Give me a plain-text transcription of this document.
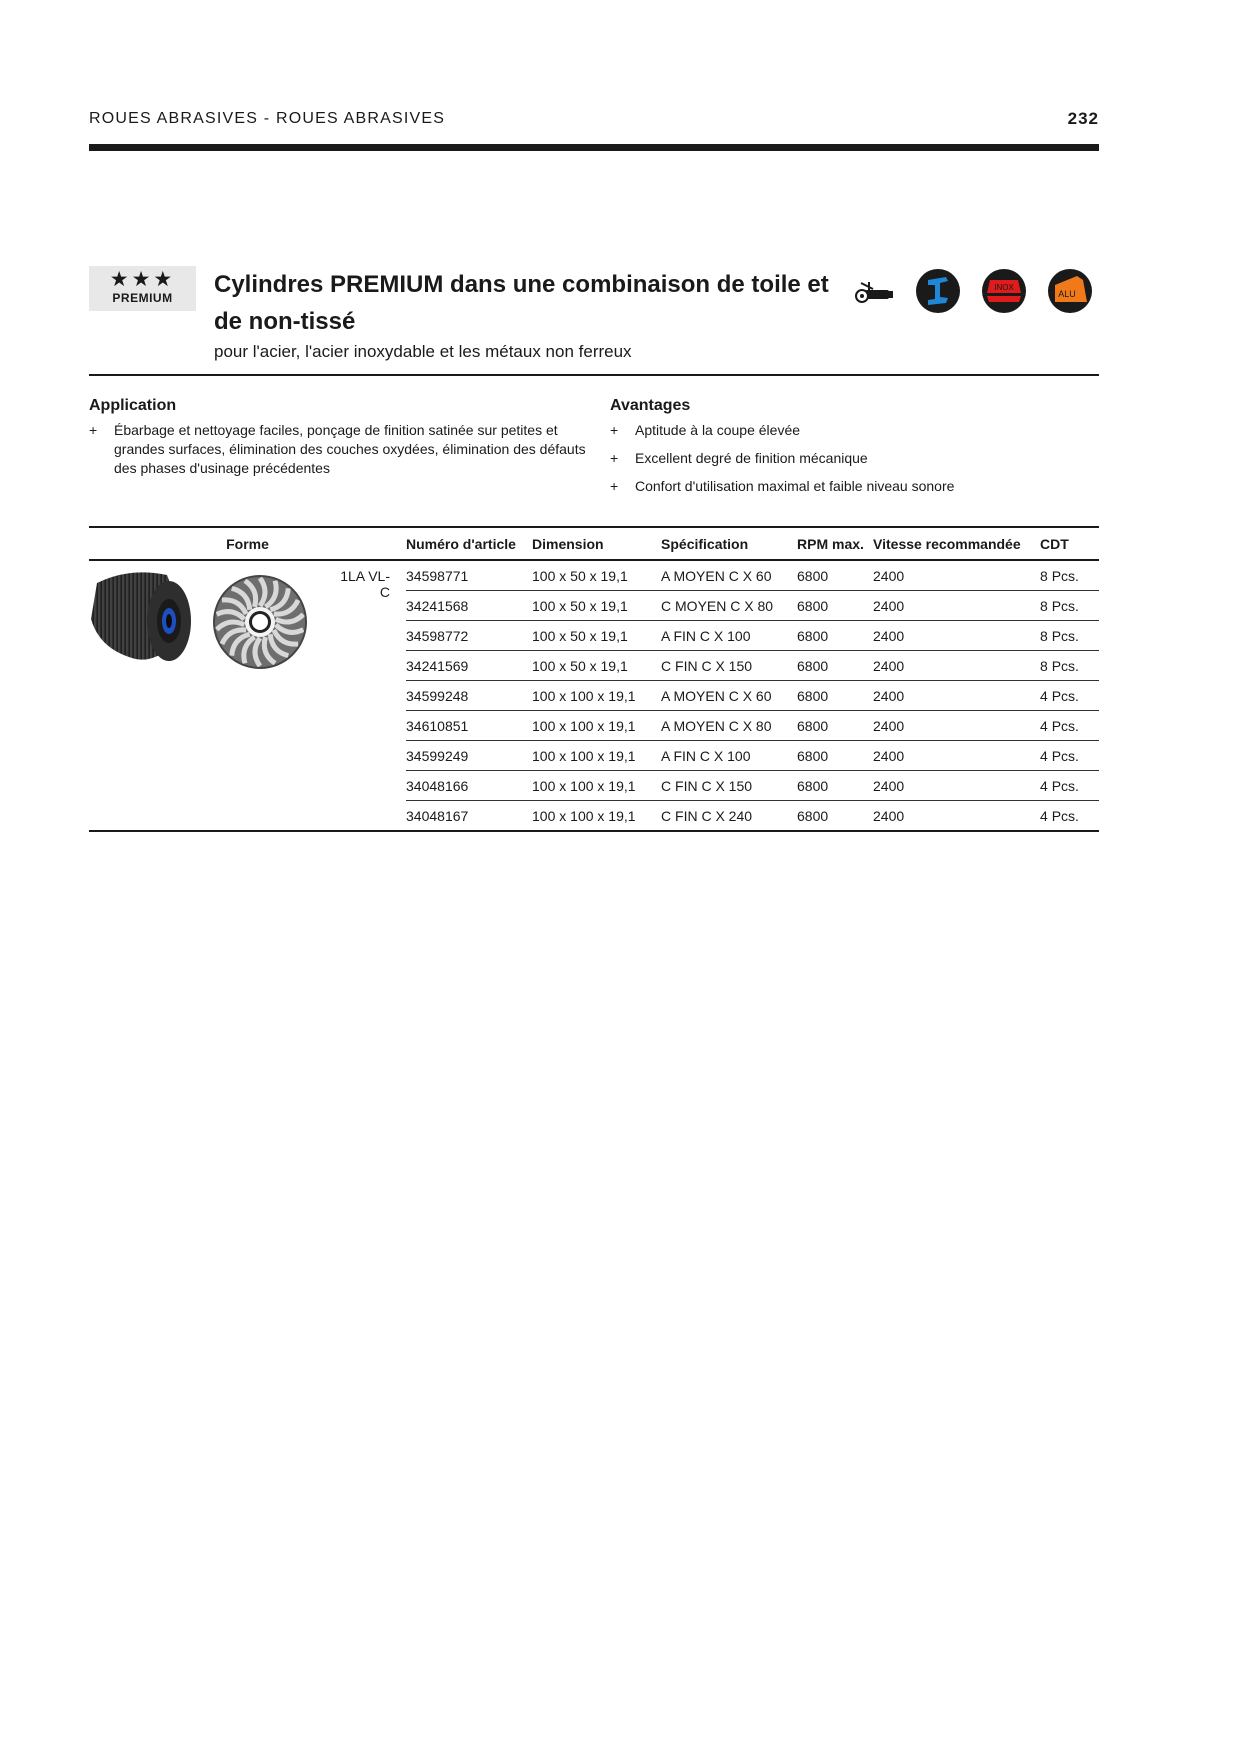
ROUES ABRASIVES - ROUES ABRASIVES	232
★★★
PREMIUM	Cylindres PREMIUM dans une combinaison de toile et de non-tissé
pour l'acier, l'acier inoxydable et les métaux non ferreux
INOX
ALU
Application
+ Ébarbage et nettoyage faciles, ponçage de finition satinée sur petites et grandes surfaces, élimination des couches oxydées, élimination des défauts des phases d'usinage précédentes
Avantages
+ Aptitude à la coupe élevée
+ Excellent degré de finition mécanique
+ Confort d'utilisation maximal et faible niveau sonore
Forme		Numéro d'article	Dimension	Spécification	RPM max.	Vitesse recommandée	CDT

	1LA VL-C	34598771	100 x 50 x 19,1	A MOYEN C X 60	6800	2400	8 Pcs.
		34241568	100 x 50 x 19,1	C MOYEN C X 80	6800	2400	8 Pcs.
		34598772	100 x 50 x 19,1	A FIN C X 100	6800	2400	8 Pcs.
		34241569	100 x 50 x 19,1	C FIN C X 150	6800	2400	8 Pcs.
		34599248	100 x 100 x 19,1	A MOYEN C X 60	6800	2400	4 Pcs.
		34610851	100 x 100 x 19,1	A MOYEN C X 80	6800	2400	4 Pcs.
		34599249	100 x 100 x 19,1	A FIN C X 100	6800	2400	4 Pcs.
		34048166	100 x 100 x 19,1	C FIN C X 150	6800	2400	4 Pcs.
		34048167	100 x 100 x 19,1	C FIN C X 240	6800	2400	4 Pcs.
